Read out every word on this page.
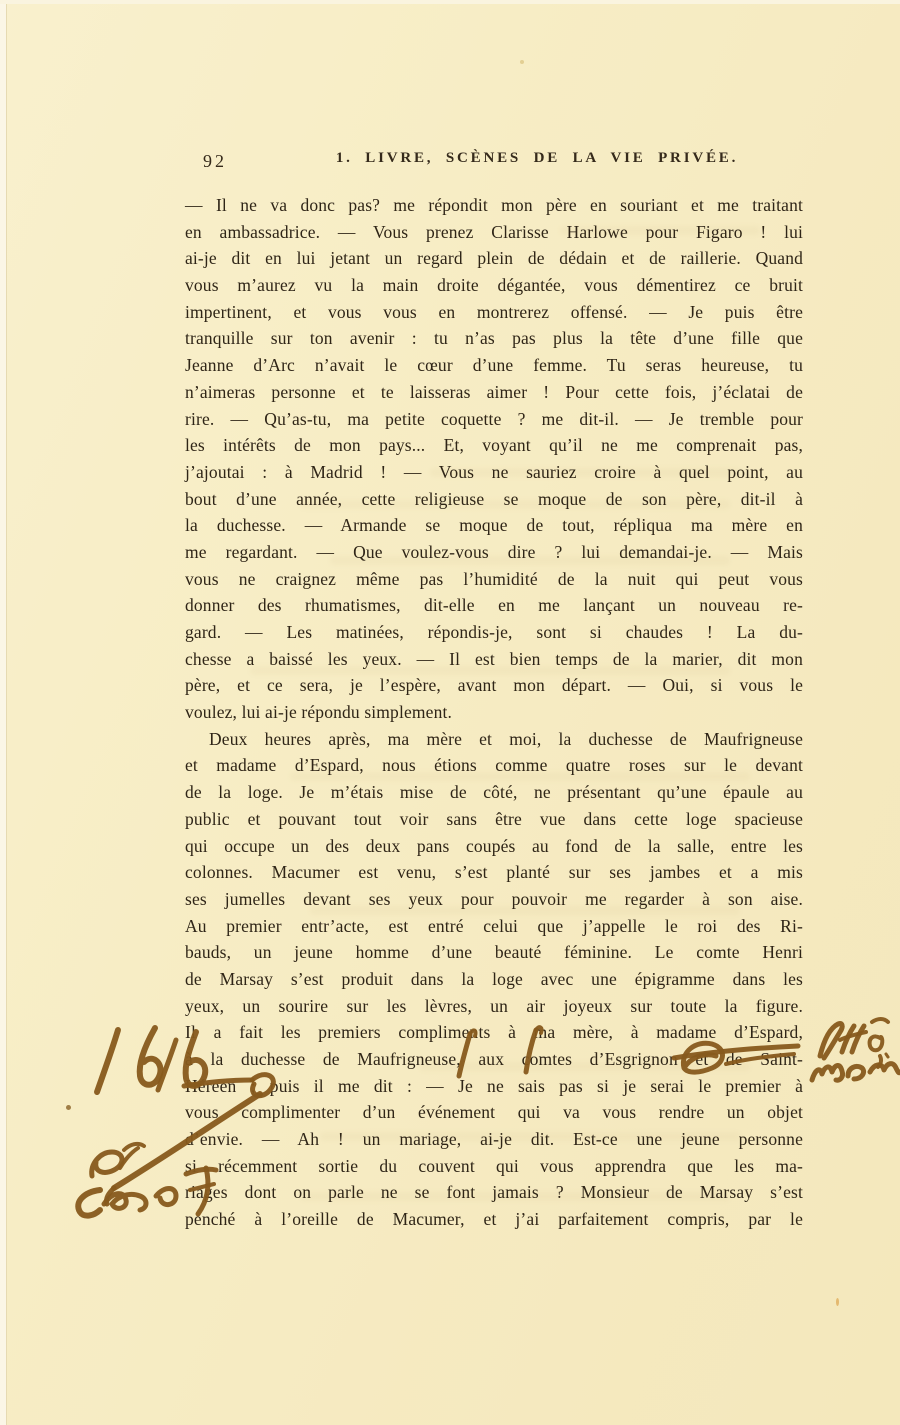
92	1. LIVRE, SCÈNES DE LA VIE PRIVÉE.
— Il ne va donc pas? me répondit mon père en souriant et me traitant
en ambassadrice. — Vous prenez Clarisse Harlowe pour Figaro ! lui
ai-je dit en lui jetant un regard plein de dédain et de raillerie. Quand
vous m’aurez vu la main droite dégantée, vous démentirez ce bruit
impertinent, et vous vous en montrerez offensé. — Je puis être
tranquille sur ton avenir : tu n’as pas plus la tête d’une fille que
Jeanne d’Arc n’avait le cœur d’une femme. Tu seras heureuse, tu
n’aimeras personne et te laisseras aimer ! Pour cette fois, j’éclatai de
rire. — Qu’as-tu, ma petite coquette ? me dit-il. — Je tremble pour
les intérêts de mon pays... Et, voyant qu’il ne me comprenait pas,
j’ajoutai : à Madrid ! — Vous ne sauriez croire à quel point, au
bout d’une année, cette religieuse se moque de son père, dit-il à
la duchesse. — Armande se moque de tout, répliqua ma mère en
me regardant. — Que voulez-vous dire ? lui demandai-je. — Mais
vous ne craignez même pas l’humidité de la nuit qui peut vous
donner des rhumatismes, dit-elle en me lançant un nouveau re-
gard. — Les matinées, répondis-je, sont si chaudes ! La du-
chesse a baissé les yeux. — Il est bien temps de la marier, dit mon
père, et ce sera, je l’espère, avant mon départ. — Oui, si vous le
voulez, lui ai-je répondu simplement.
Deux heures après, ma mère et moi, la duchesse de Maufrigneuse
et madame d’Espard, nous étions comme quatre roses sur le devant
de la loge. Je m’étais mise de côté, ne présentant qu’une épaule au
public et pouvant tout voir sans être vue dans cette loge spacieuse
qui occupe un des deux pans coupés au fond de la salle, entre les
colonnes. Macumer est venu, s’est planté sur ses jambes et a mis
ses jumelles devant ses yeux pour pouvoir me regarder à son aise.
Au premier entr’acte, est entré celui que j’appelle le roi des Ri-
bauds, un jeune homme d’une beauté féminine. Le comte Henri
de Marsay s’est produit dans la loge avec une épigramme dans les
yeux, un sourire sur les lèvres, un air joyeux sur toute la figure.
Il a fait les premiers compliments à ma mère, à madame d’Espard,
à la duchesse de Maufrigneuse, aux comtes d’Esgrignon et de Saint-
Héreen ; puis il me dit : — Je ne sais pas si je serai le premier à
vous complimenter d’un événement qui va vous rendre un objet
d’envie. — Ah ! un mariage, ai-je dit. Est-ce une jeune personne
si récemment sortie du couvent qui vous apprendra que les ma-
riages dont on parle ne se font jamais ? Monsieur de Marsay s’est
penché à l’oreille de Macumer, et j’ai parfaitement compris, par le
